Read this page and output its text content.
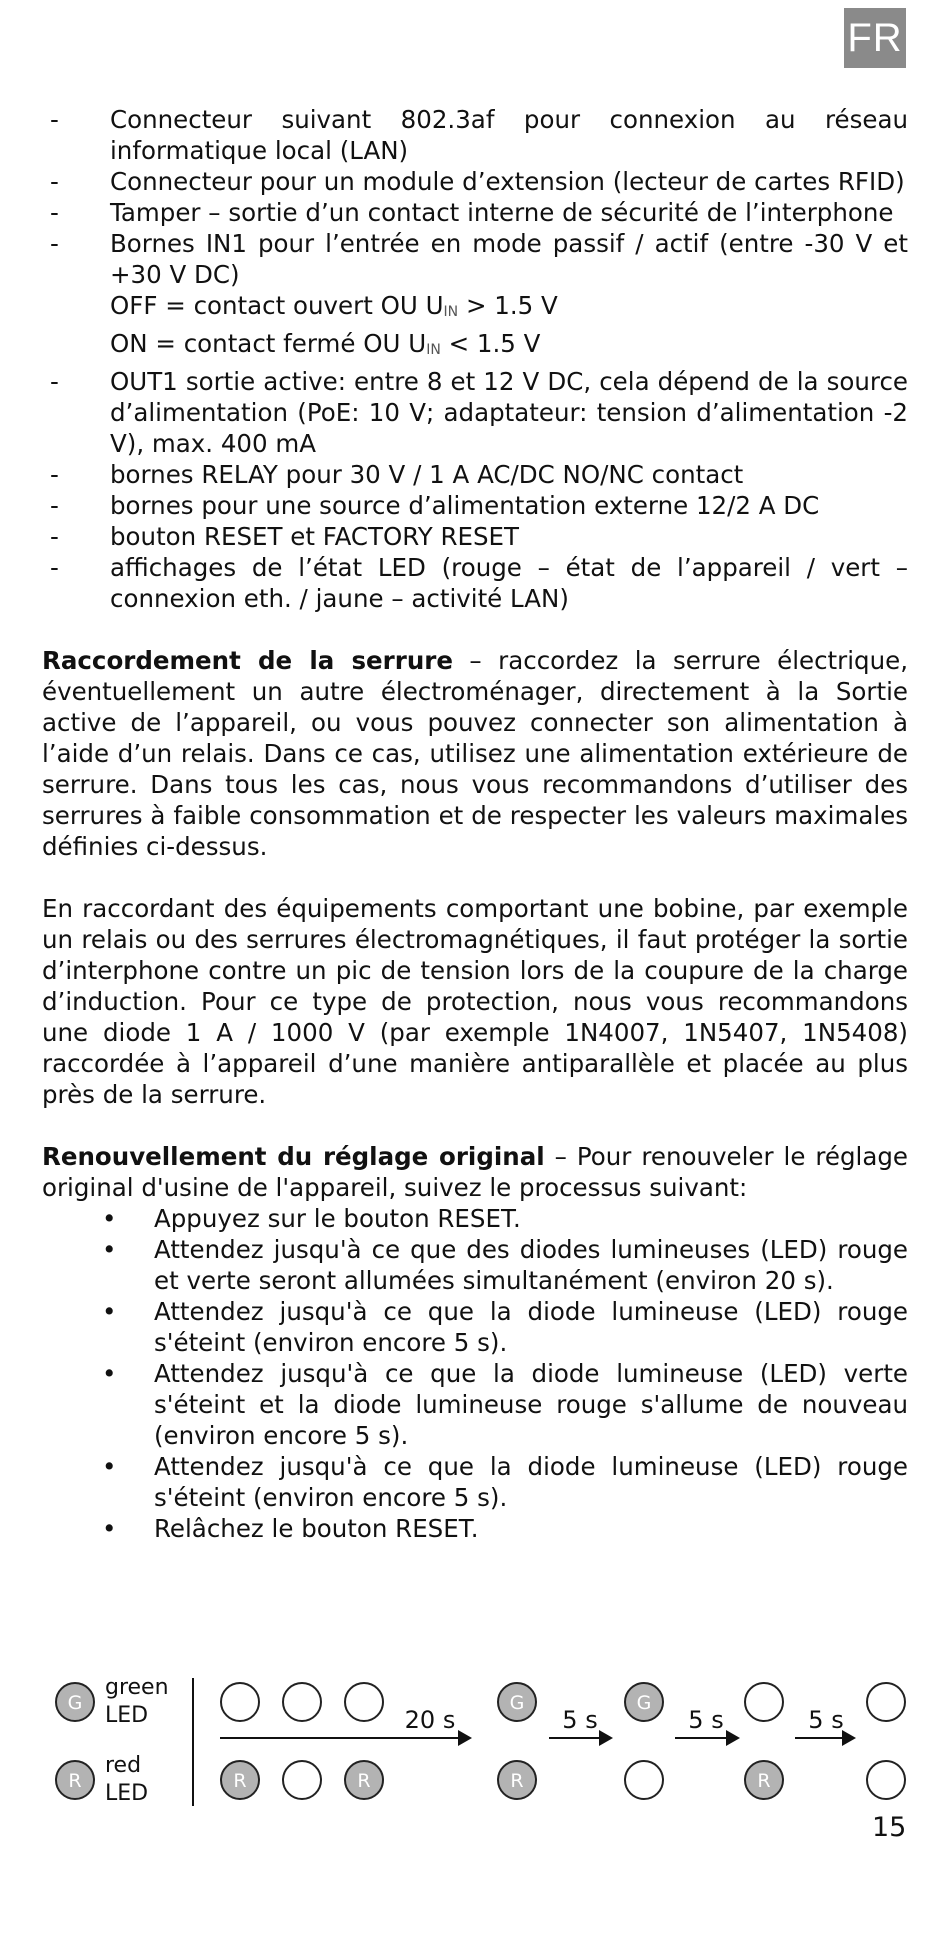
FR
- Connecteur suivant 802.3af pour connexion au réseau informatique local (LAN)
- Connecteur pour un module d’extension (lecteur de cartes RFID)
- Tamper – sortie d’un contact interne de sécurité de l’interphone
- Bornes IN1 pour l’entrée en mode passif / actif (entre -30 V et +30 V DC)
OFF = contact ouvert OU UIN > 1.5 V
ON = contact fermé OU UIN < 1.5 V
- OUT1 sortie active: entre 8 et 12 V DC, cela dépend de la source d’alimentation (PoE: 10 V; adaptateur: tension d’alimentation -2 V), max. 400 mA
- bornes RELAY pour 30 V / 1 A AC/DC NO/NC contact
- bornes pour une source d’alimentation externe 12/2 A DC
- bouton RESET et FACTORY RESET
- affichages de l’état LED (rouge – état de l’appareil / vert – connexion eth. / jaune – activité LAN)

Raccordement de la serrure – raccordez la serrure électrique, éventuellement un autre électroménager, directement à la Sortie active de l’appareil, ou vous pouvez connecter son alimentation à l’aide d’un relais. Dans ce cas, utilisez une alimentation extérieure de serrure. Dans tous les cas, nous vous recommandons d’utiliser des serrures à faible consommation et de respecter les valeurs maximales définies ci-dessus.

En raccordant des équipements comportant une bobine, par exemple un relais ou des serrures électromagnétiques, il faut protéger la sortie d’interphone contre un pic de tension lors de la coupure de la charge d’induction. Pour ce type de protection, nous vous recommandons une diode 1 A / 1000 V (par exemple 1N4007, 1N5407, 1N5408) raccordée à l’appareil d’une manière antiparallèle et placée au plus près de la serrure.

Renouvellement du réglage original – Pour renouveler le réglage original d'usine de l'appareil, suivez le processus suivant:

• Appuyez sur le bouton RESET.
• Attendez jusqu'à ce que des diodes lumineuses (LED) rouge et verte seront allumées simultanément (environ 20 s).
• Attendez jusqu'à ce que la diode lumineuse (LED) rouge s'éteint (environ encore 5 s).
• Attendez jusqu'à ce que la diode lumineuse (LED) verte s'éteint et la diode lumineuse rouge s'allume de nouveau (environ encore 5 s).
• Attendez jusqu'à ce que la diode lumineuse (LED) rouge s'éteint (environ encore 5 s).
• Relâchez le bouton RESET.
G
green
LED
R
red
LED	R	R
G
R
G
R
20 s	5 s	5 s	5 s
15
